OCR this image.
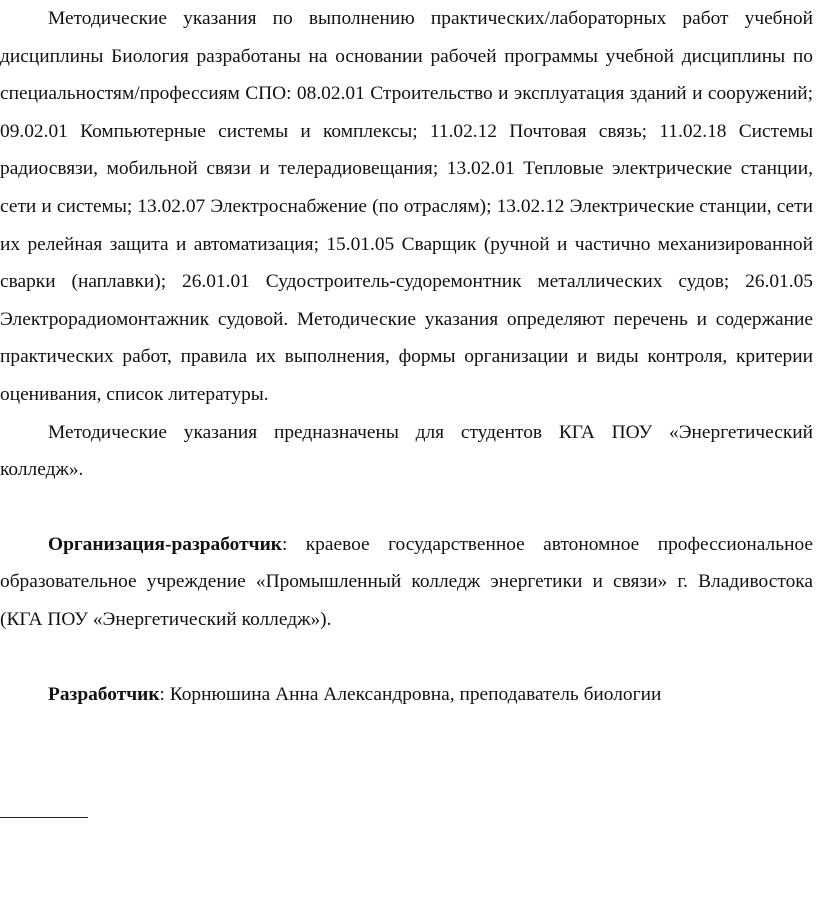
Методические указания по выполнению практических/лабораторных работ учебной дисциплины Биология разработаны на основании рабочей программы учебной дисциплины по специальностям/профессиям СПО: 08.02.01 Строительство и эксплуатация зданий и сооружений; 09.02.01 Компьютерные системы и комплексы; 11.02.12 Почтовая связь; 11.02.18 Системы радиосвязи, мобильной связи и телерадиовещания; 13.02.01 Тепловые электрические станции, сети и системы; 13.02.07 Электроснабжение (по отраслям); 13.02.12 Электрические станции, сети их релейная защита и автоматизация; 15.01.05 Сварщик (ручной и частично механизированной сварки (наплавки); 26.01.01 Судостроитель-судоремонтник металлических судов; 26.01.05 Электрорадиомонтажник судовой. Методические указания определяют перечень и содержание практических работ, правила их выполнения, формы организации и виды контроля, критерии оценивания, список литературы.

Методические указания предназначены для студентов КГА ПОУ «Энергетический колледж».

Организация-разработчик: краевое государственное автономное профессиональное образовательное учреждение «Промышленный колледж энергетики и связи» г. Владивостока (КГА ПОУ «Энергетический колледж»).

Разработчик: Корнюшина Анна Александровна, преподаватель биологии
